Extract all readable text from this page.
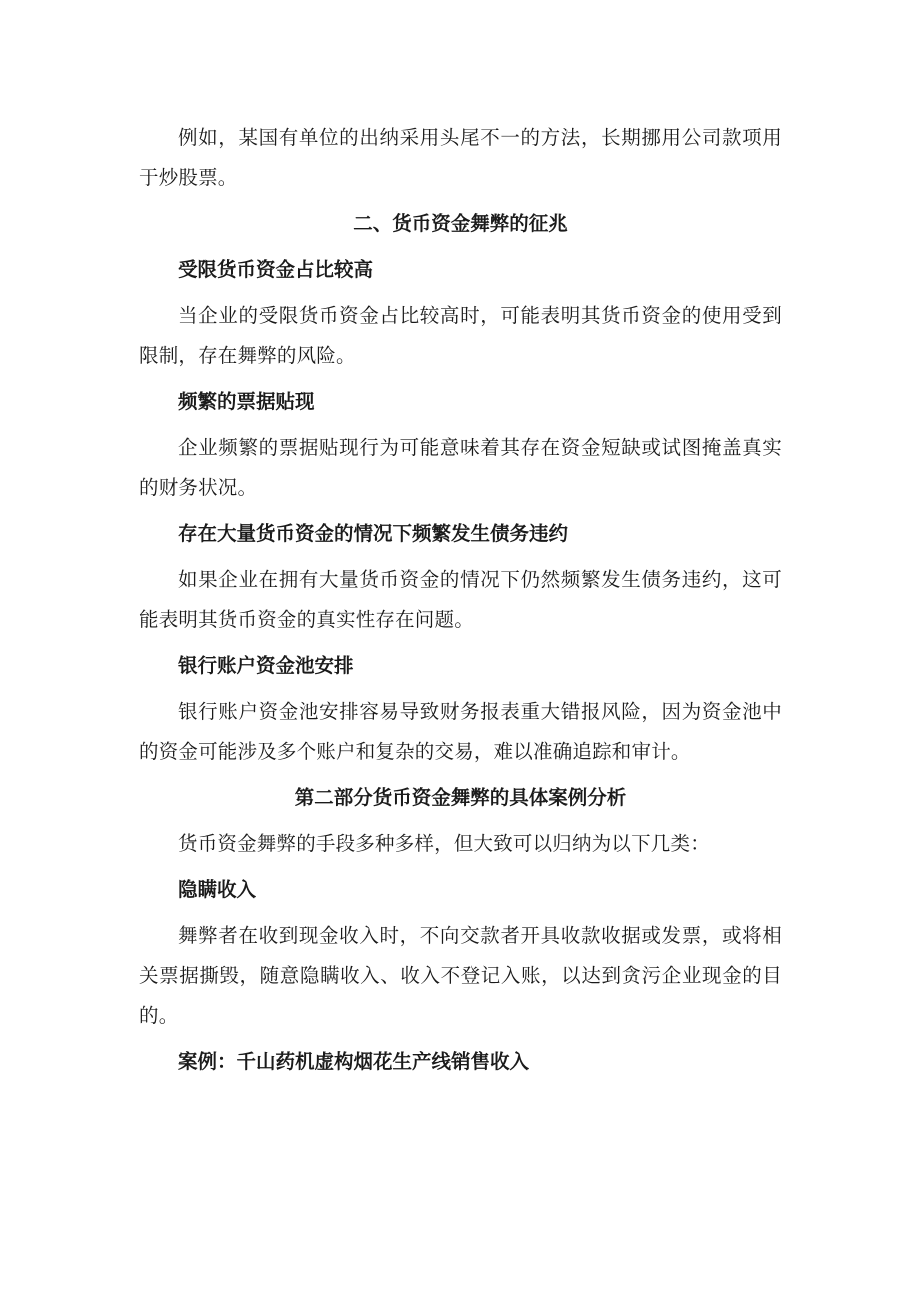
例如，某国有单位的出纳采用头尾不一的方法，长期挪用公司款项用于炒股票。

二、货币资金舞弊的征兆
受限货币资金占比较高

当企业的受限货币资金占比较高时，可能表明其货币资金的使用受到限制，存在舞弊的风险。

频繁的票据贴现

企业频繁的票据贴现行为可能意味着其存在资金短缺或试图掩盖真实的财务状况。

存在大量货币资金的情况下频繁发生债务违约

如果企业在拥有大量货币资金的情况下仍然频繁发生债务违约，这可能表明其货币资金的真实性存在问题。

银行账户资金池安排

银行账户资金池安排容易导致财务报表重大错报风险，因为资金池中的资金可能涉及多个账户和复杂的交易，难以准确追踪和审计。

第二部分货币资金舞弊的具体案例分析

货币资金舞弊的手段多种多样，但大致可以归纳为以下几类：

隐瞒收入

舞弊者在收到现金收入时，不向交款者开具收款收据或发票，或将相关票据撕毁，随意隐瞒收入、收入不登记入账，以达到贪污企业现金的目的。

案例：千山药机虚构烟花生产线销售收入
